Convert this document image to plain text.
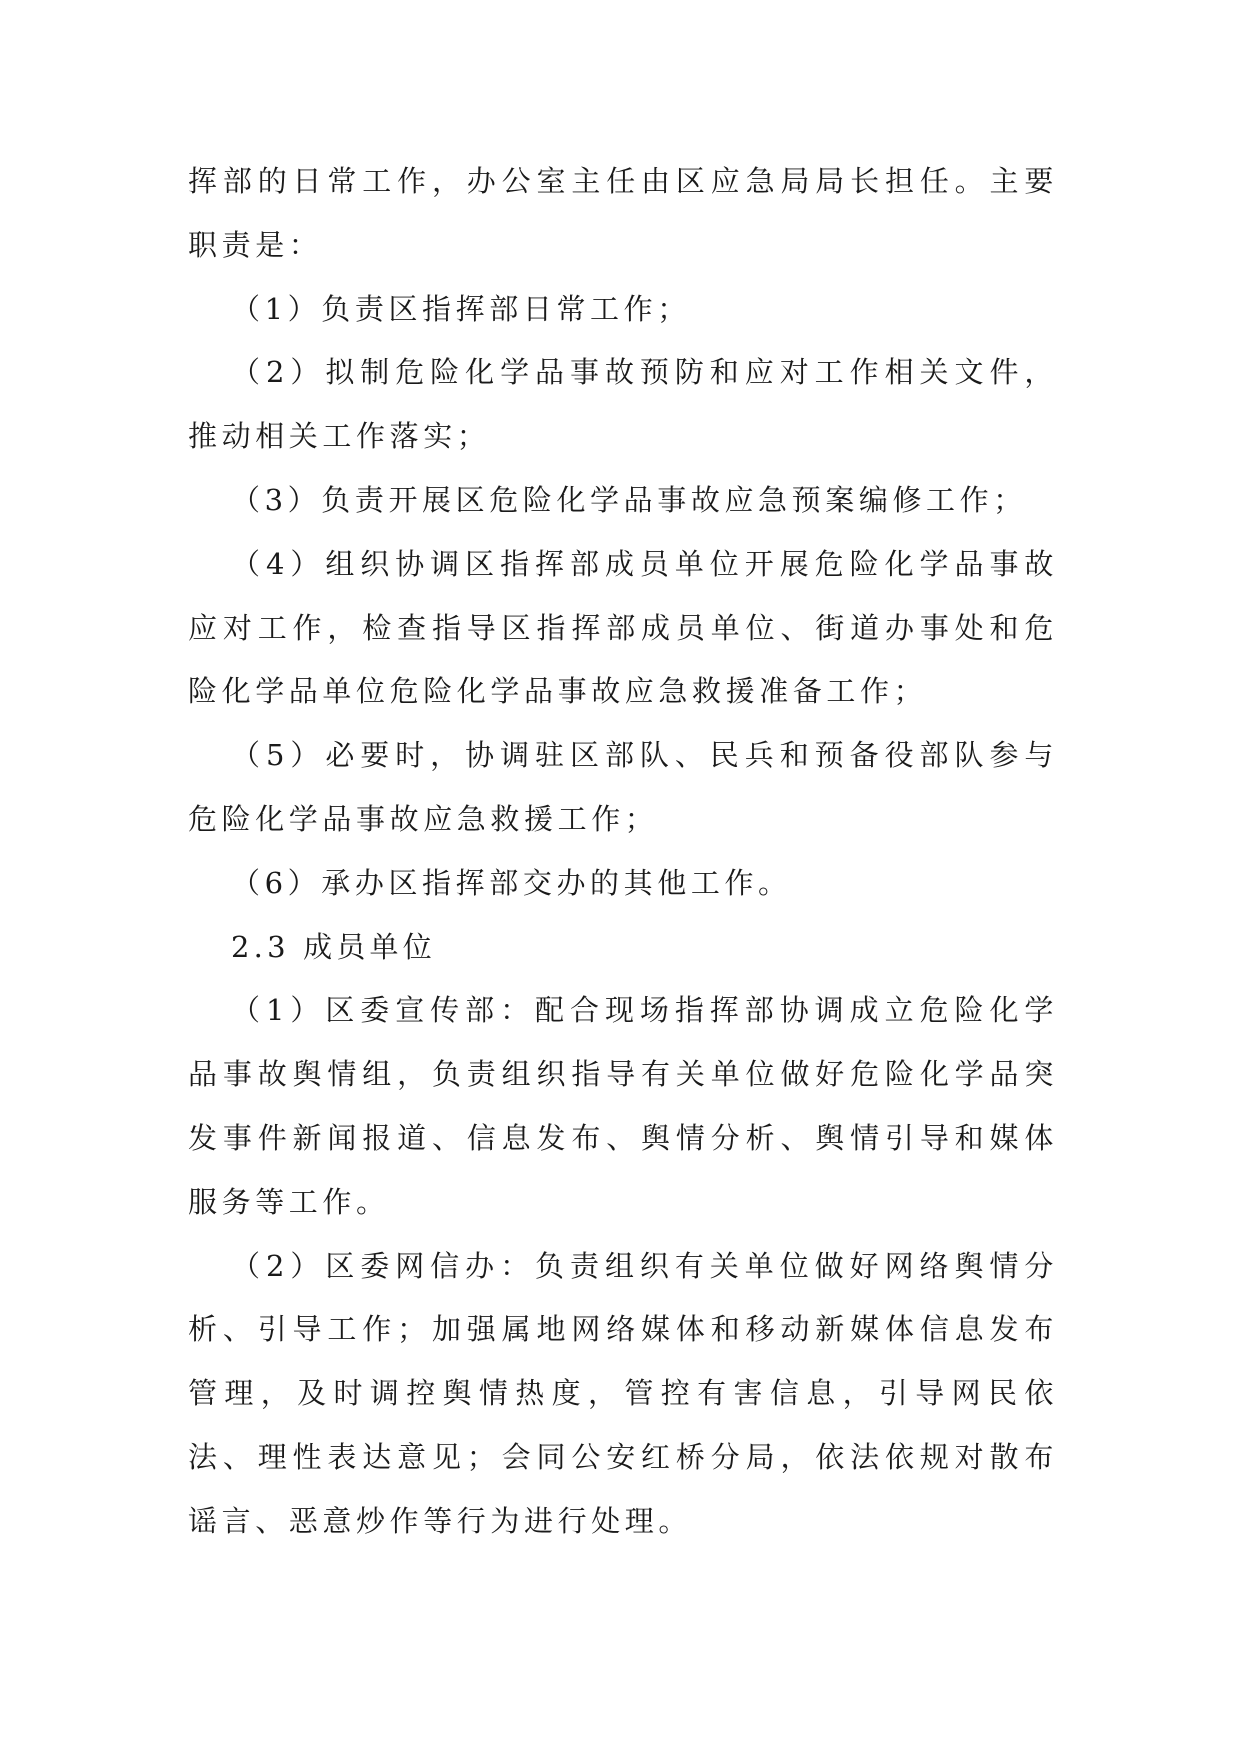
挥部的日常工作，办公室主任由区应急局局长担任。主要职责是：

（1）负责区指挥部日常工作；

（2）拟制危险化学品事故预防和应对工作相关文件，推动相关工作落实；

（3）负责开展区危险化学品事故应急预案编修工作；

（4）组织协调区指挥部成员单位开展危险化学品事故应对工作，检查指导区指挥部成员单位、街道办事处和危险化学品单位危险化学品事故应急救援准备工作；

（5）必要时，协调驻区部队、民兵和预备役部队参与危险化学品事故应急救援工作；

（6）承办区指挥部交办的其他工作。

2.3 成员单位

（1）区委宣传部：配合现场指挥部协调成立危险化学品事故舆情组，负责组织指导有关单位做好危险化学品突发事件新闻报道、信息发布、舆情分析、舆情引导和媒体服务等工作。

（2）区委网信办：负责组织有关单位做好网络舆情分析、引导工作；加强属地网络媒体和移动新媒体信息发布管理，及时调控舆情热度，管控有害信息，引导网民依法、理性表达意见；会同公安红桥分局，依法依规对散布谣言、恶意炒作等行为进行处理。
